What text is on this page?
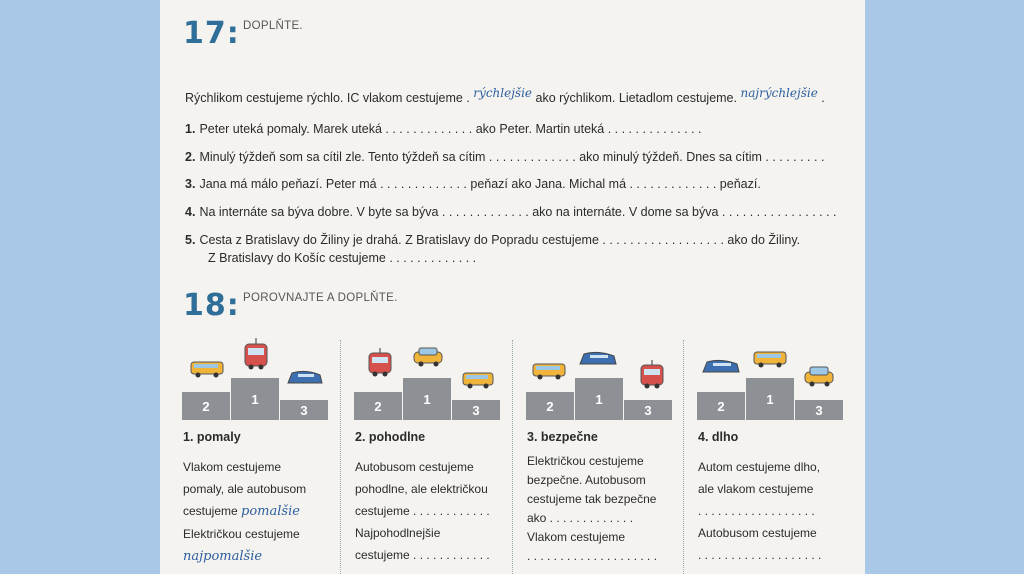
17: DOPLŇTE.
Rýchlikom cestujeme rýchlo. IC vlakom cestujeme . rýchlejšie ako rýchlikom. Lietadlom cestujeme. najrýchlejšie .
1. Peter uteká pomaly. Marek uteká . . . . . . . . . . . . . ako Peter. Martin uteká . . . . . . . . . . . . . .
2. Minulý týždeň som sa cítil zle. Tento týždeň sa cítim . . . . . . . . . . . . . ako minulý týždeň. Dnes sa cítim . . . . . . . . .
3. Jana má málo peňazí. Peter má . . . . . . . . . . . . . peňazí ako Jana. Michal má . . . . . . . . . . . . . peňazí.
4. Na internáte sa býva dobre. V byte sa býva . . . . . . . . . . . . . ako na internáte. V dome sa býva . . . . . . . . . . . . . . . . .
5. Cesta z Bratislavy do Žiliny je drahá. Z Bratislavy do Popradu cestujeme . . . . . . . . . . . . . . . . . . ako do Žiliny.
Z Bratislavy do Košíc cestujeme . . . . . . . . . . . . .
18: POROVNAJTE A DOPLŇTE.
2	1
3
1. pomaly
Vlakom cestujeme
pomaly, ale autobusom
cestujeme pomalšie
Električkou cestujeme
najpomalšie
2	1
3
2. pohodlne
Autobusom cestujeme
pohodlne, ale električkou
cestujeme . . . . . . . . . . . .
Najpohodlnejšie
cestujeme . . . . . . . . . . . .
2	1
3
3. bezpečne
Električkou cestujeme
bezpečne. Autobusom
cestujeme tak bezpečne
ako . . . . . . . . . . . . .
Vlakom cestujeme
. . . . . . . . . . . . . . . . . . . .
2	1
3
4. dlho
Autom cestujeme dlho,
ale vlakom cestujeme
. . . . . . . . . . . . . . . . . .
Autobusom cestujeme
. . . . . . . . . . . . . . . . . . .
